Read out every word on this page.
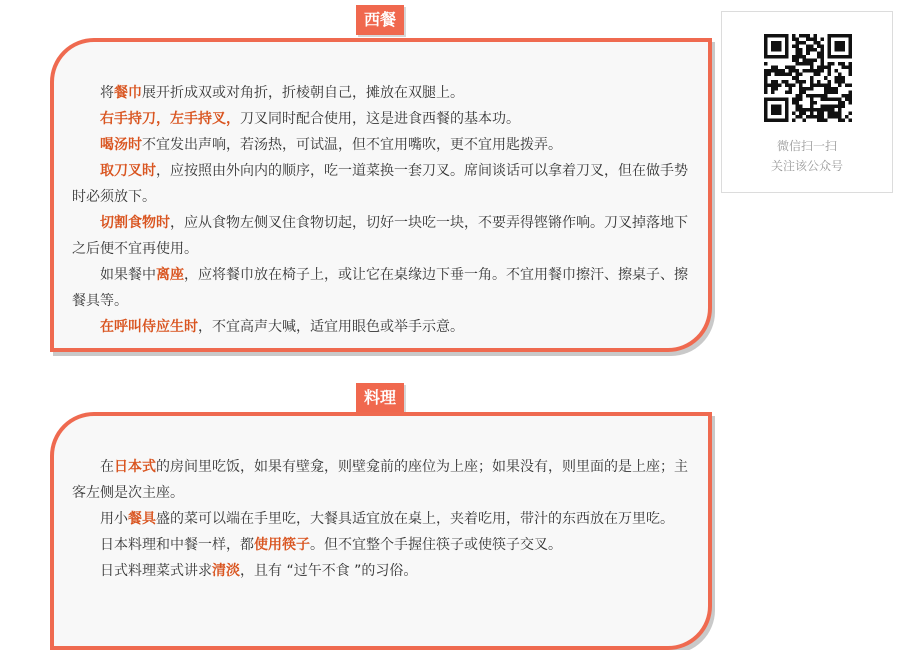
西餐

将餐巾展开折成双或对角折，折棱朝自己，摊放在双腿上。

右手持刀，左手持叉，刀叉同时配合使用，这是进食西餐的基本功。

喝汤时不宜发出声响，若汤热，可试温，但不宜用嘴吹，更不宜用匙拨弄。

取刀叉时，应按照由外向内的顺序，吃一道菜换一套刀叉。席间谈话可以拿着刀叉，但在做手势时必须放下。

切割食物时，应从食物左侧叉住食物切起，切好一块吃一块，不要弄得铿锵作响。刀叉掉落地下之后便不宜再使用。

如果餐中离座，应将餐巾放在椅子上，或让它在桌缘边下垂一角。不宜用餐巾擦汗、擦桌子、擦餐具等。

在呼叫侍应生时，不宜高声大喊，适宜用眼色或举手示意。

料理

在日本式的房间里吃饭，如果有壁龛，则壁龛前的座位为上座；如果没有，则里面的是上座；主客左侧是次主座。

用小餐具盛的菜可以端在手里吃，大餐具适宜放在桌上，夹着吃用，带汁的东西放在万里吃。

日本料理和中餐一样，都使用筷子。但不宜整个手握住筷子或使筷子交叉。

日式料理菜式讲求清淡，且有 “过午不食 ”的习俗。

微信扫一扫
关注该公众号
